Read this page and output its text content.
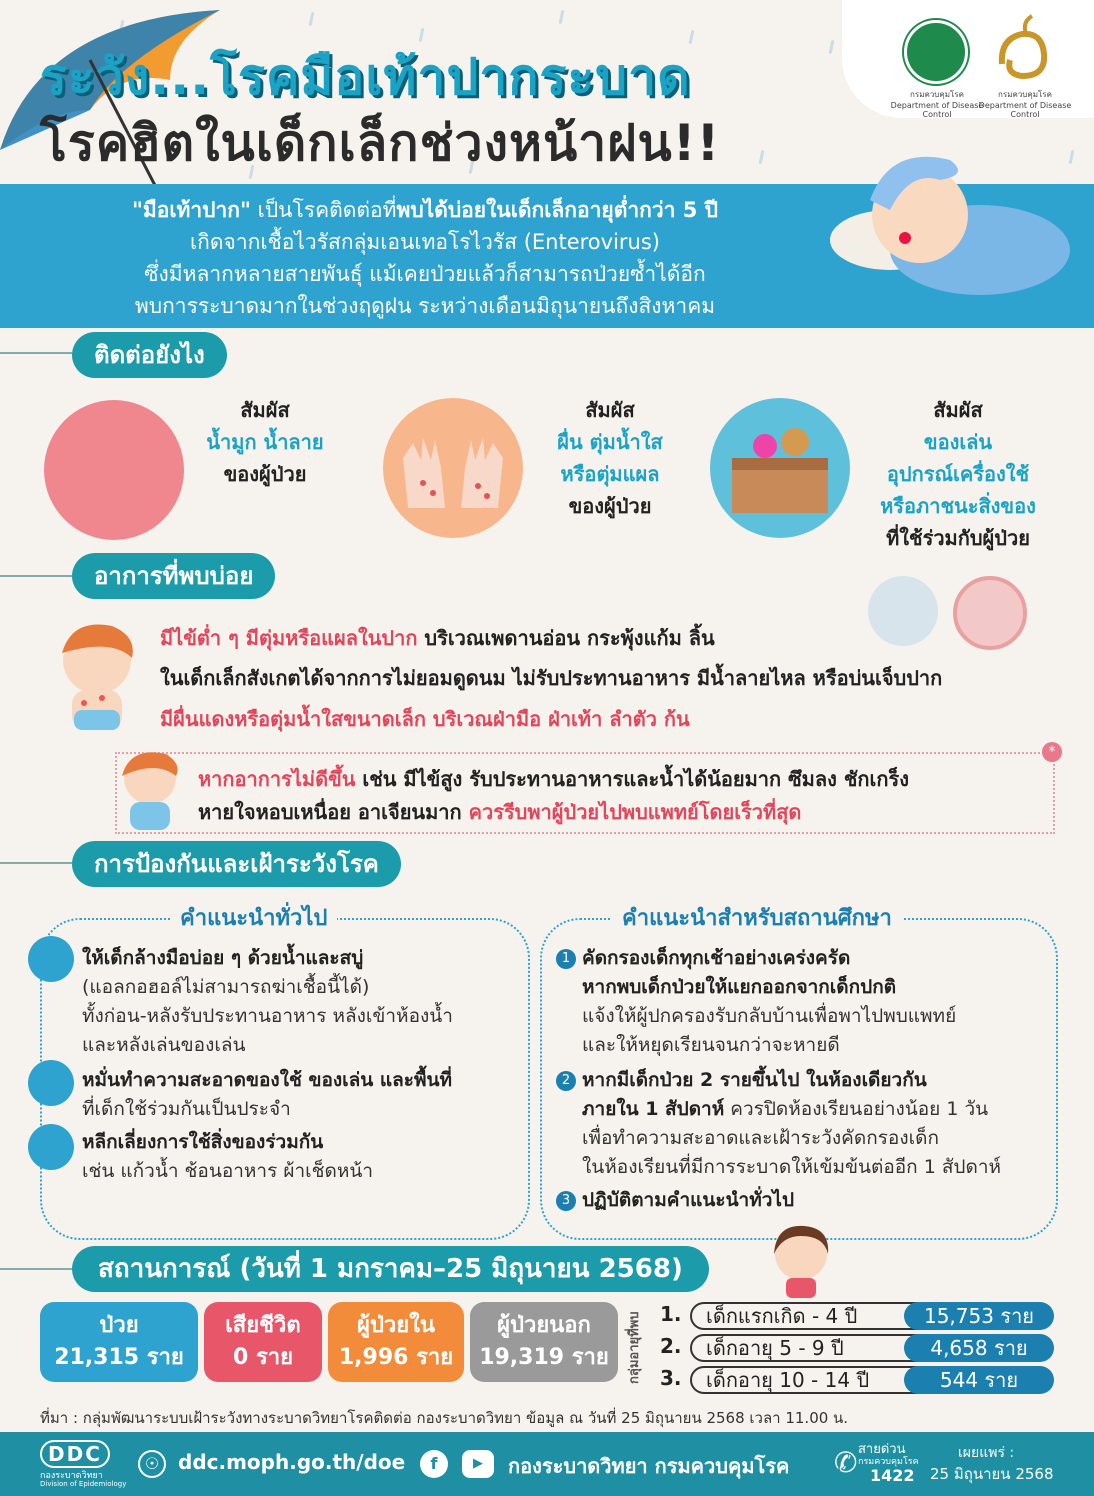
ระวัง...โรคมือเท้าปากระบาด
โรคฮิตในเด็กเล็กช่วงหน้าฝน!!
กรมควบคุมโรค
Department of Disease Control
กรมควบคุมโรค
Department of Disease Control
"มือเท้าปาก" เป็นโรคติดต่อที่พบได้บ่อยในเด็กเล็กอายุต่ำกว่า 5 ปี
เกิดจากเชื้อไวรัสกลุ่มเอนเทอโรไวรัส (Enterovirus)
ซึ่งมีหลากหลายสายพันธุ์ แม้เคยป่วยแล้วก็สามารถป่วยซ้ำได้อีก
พบการระบาดมากในช่วงฤดูฝน ระหว่างเดือนมิถุนายนถึงสิงหาคม
ติดต่อยังไง
สัมผัส
น้ำมูก น้ำลาย
ของผู้ป่วย
สัมผัส
ผื่น ตุ่มน้ำใส
หรือตุ่มแผล
ของผู้ป่วย
สัมผัส
ของเล่น
อุปกรณ์เครื่องใช้
หรือภาชนะสิ่งของ
ที่ใช้ร่วมกับผู้ป่วย
อาการที่พบบ่อย
มีไข้ต่ำ ๆ มีตุ่มหรือแผลในปาก บริเวณเพดานอ่อน กระพุ้งแก้ม ลิ้น
ในเด็กเล็กสังเกตได้จากการไม่ยอมดูดนม ไม่รับประทานอาหาร มีน้ำลายไหล หรือบ่นเจ็บปาก
มีผื่นแดงหรือตุ่มน้ำใสขนาดเล็ก บริเวณฝ่ามือ ฝ่าเท้า ลำตัว ก้น
*
หากอาการไม่ดีขึ้น เช่น มีไข้สูง รับประทานอาหารและน้ำได้น้อยมาก ซึมลง ชักเกร็ง
หายใจหอบเหนื่อย อาเจียนมาก ควรรีบพาผู้ป่วยไปพบแพทย์โดยเร็วที่สุด
การป้องกันและเฝ้าระวังโรค
คำแนะนำทั่วไป
ให้เด็กล้างมือบ่อย ๆ ด้วยน้ำและสบู่
(แอลกอฮอล์ไม่สามารถฆ่าเชื้อนี้ได้)
ทั้งก่อน-หลังรับประทานอาหาร หลังเข้าห้องน้ำ
และหลังเล่นของเล่น
หมั่นทำความสะอาดของใช้ ของเล่น และพื้นที่
ที่เด็กใช้ร่วมกันเป็นประจำ
หลีกเลี่ยงการใช้สิ่งของร่วมกัน
เช่น แก้วน้ำ ช้อนอาหาร ผ้าเช็ดหน้า
คำแนะนำสำหรับสถานศึกษา
1 คัดกรองเด็กทุกเช้าอย่างเคร่งครัด
หากพบเด็กป่วยให้แยกออกจากเด็กปกติ
แจ้งให้ผู้ปกครองรับกลับบ้านเพื่อพาไปพบแพทย์
และให้หยุดเรียนจนกว่าจะหายดี
2 หากมีเด็กป่วย 2 รายขึ้นไป ในห้องเดียวกัน
ภายใน 1 สัปดาห์ ควรปิดห้องเรียนอย่างน้อย 1 วัน
เพื่อทำความสะอาดและเฝ้าระวังคัดกรองเด็ก
ในห้องเรียนที่มีการระบาดให้เข้มข้นต่ออีก 1 สัปดาห์
3 ปฏิบัติตามคำแนะนำทั่วไป
สถานการณ์ (วันที่ 1 มกราคม–25 มิถุนายน 2568)
ป่วย
21,315 ราย
เสียชีวิต
0 ราย
ผู้ป่วยใน
1,996 ราย
ผู้ป่วยนอก
19,319 ราย	กลุ่มอายุที่พบ 1.	เด็กแรกเกิด - 4 ปี	15,753 ราย
2.	เด็กอายุ 5 - 9 ปี	4,658 ราย
3.	เด็กอายุ 10 - 14 ปี	544 ราย
ที่มา : กลุ่มพัฒนาระบบเฝ้าระวังทางระบาดวิทยาโรคติดต่อ กองระบาดวิทยา ข้อมูล ณ วันที่ 25 มิถุนายน 2568 เวลา 11.00 น.
DDC
กองระบาดวิทยา
Division of Epidemiology
☉ ddc.moph.go.th/doe	f	▶	กองระบาดวิทยา กรมควบคุมโรค ✆ สายด่วน
กรมควบคุมโรค
1422
เผยแพร่ :
25 มิถุนายน 2568
